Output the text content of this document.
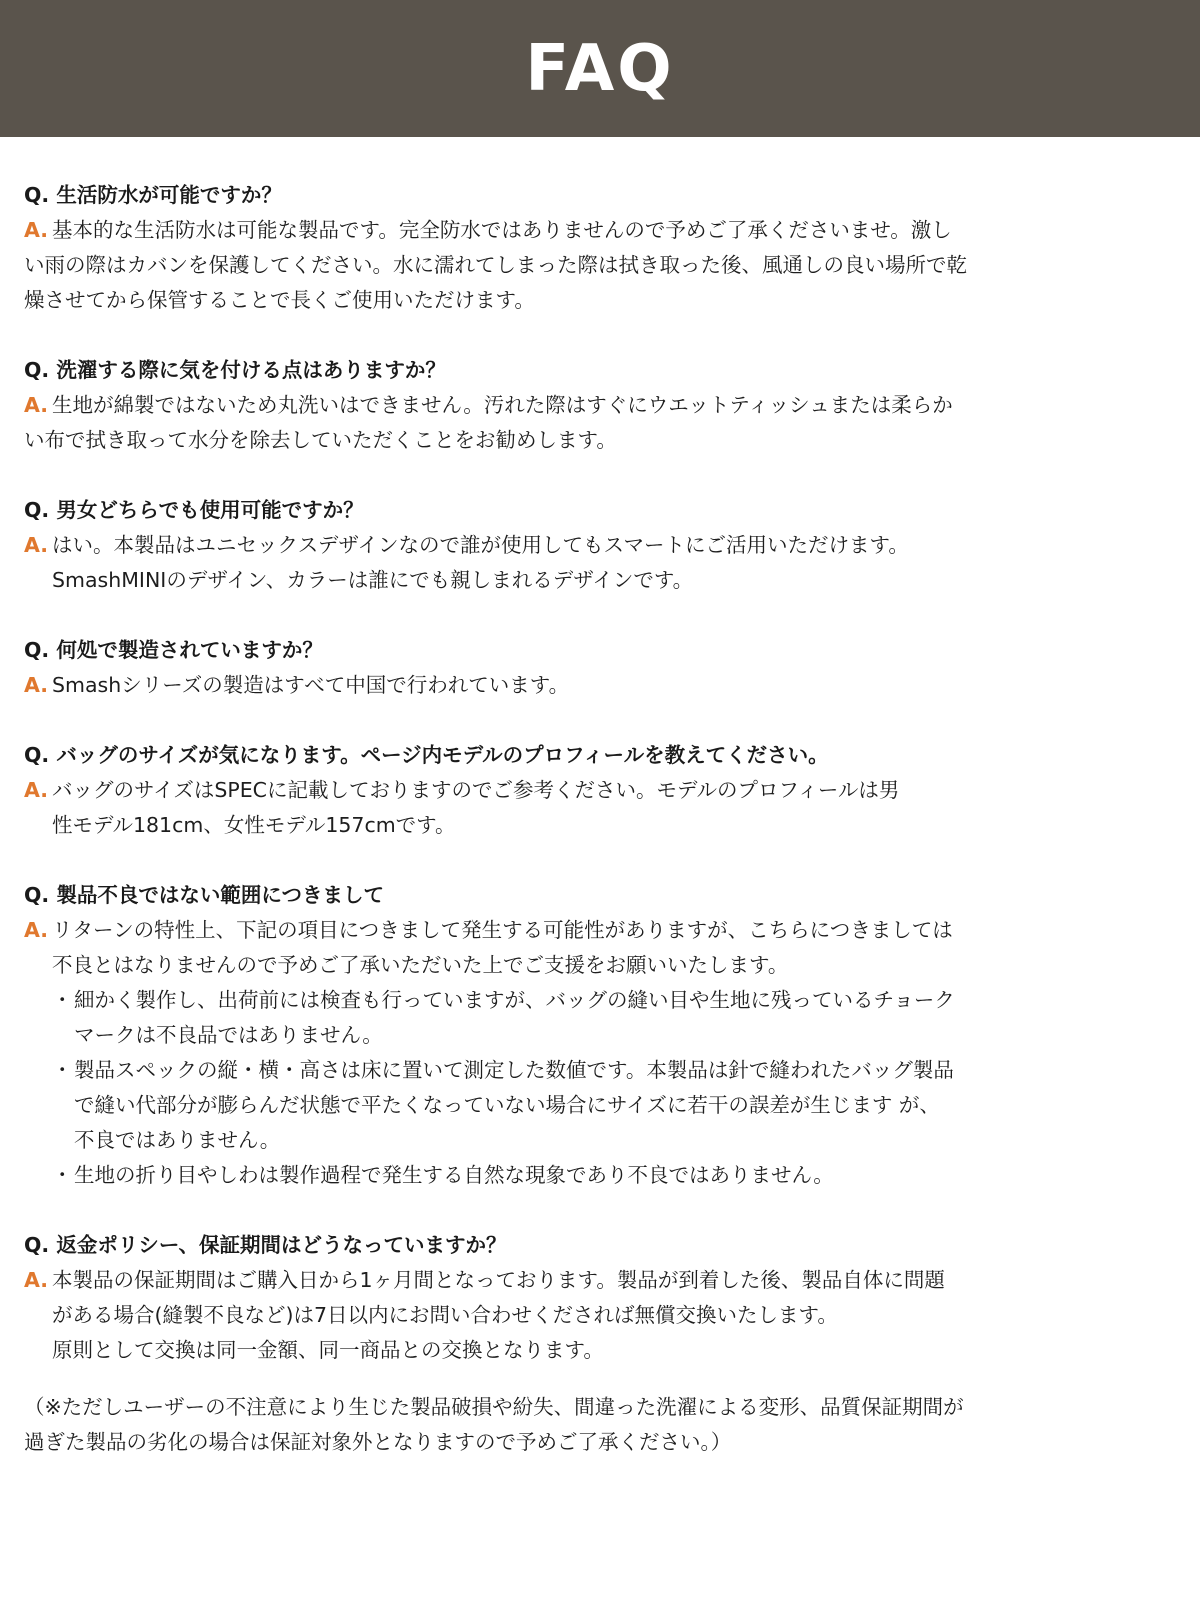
FAQ
Q. 生活防水が可能ですか？
A. 基本的な生活防水は可能な製品です。完全防水ではありませんので予めご了承くださいませ。激し
い雨の際はカバンを保護してください。水に濡れてしまった際は拭き取った後、風通しの良い場所で乾
燥させてから保管することで長くご使用いただけます。
Q. 洗濯する際に気を付ける点はありますか？
A. 生地が綿製ではないため丸洗いはできません。汚れた際はすぐにウエットティッシュまたは柔らか
い布で拭き取って水分を除去していただくことをお勧めします。
Q. 男女どちらでも使用可能ですか？
A. はい。本製品はユニセックスデザインなので誰が使用してもスマートにご活用いただけます。
SmashMINIのデザイン、カラーは誰にでも親しまれるデザインです。
Q. 何処で製造されていますか？
A. Smashシリーズの製造はすべて中国で行われています。
Q. バッグのサイズが気になります。ページ内モデルのプロフィールを教えてください。
A. バッグのサイズはSPECに記載しておりますのでご参考ください。モデルのプロフィールは男
性モデル181cm、女性モデル157cmです。
Q. 製品不良ではない範囲につきまして
A. リターンの特性上、下記の項目につきまして発生する可能性がありますが、こちらにつきましては
不良とはなりませんので予めご了承いただいた上でご支援をお願いいたします。
・ 細かく製作し、出荷前には検査も行っていますが、バッグの縫い目や生地に残っているチョーク
マークは不良品ではありません。
・ 製品スペックの縦・横・高さは床に置いて測定した数値です。本製品は針で縫われたバッグ製品
で縫い代部分が膨らんだ状態で平たくなっていない場合にサイズに若干の誤差が生じます が、
不良ではありません。
・ 生地の折り目やしわは製作過程で発生する自然な現象であり不良ではありません。
Q. 返金ポリシー、保証期間はどうなっていますか？
A. 本製品の保証期間はご購入日から1ヶ月間となっております。製品が到着した後、製品自体に問題
がある場合(縫製不良など)は7日以内にお問い合わせくだされば無償交換いたします。
原則として交換は同一金額、同一商品との交換となります。
（※ただしユーザーの不注意により生じた製品破損や紛失、間違った洗濯による変形、品質保証期間が
過ぎた製品の劣化の場合は保証対象外となりますので予めご了承ください。）
